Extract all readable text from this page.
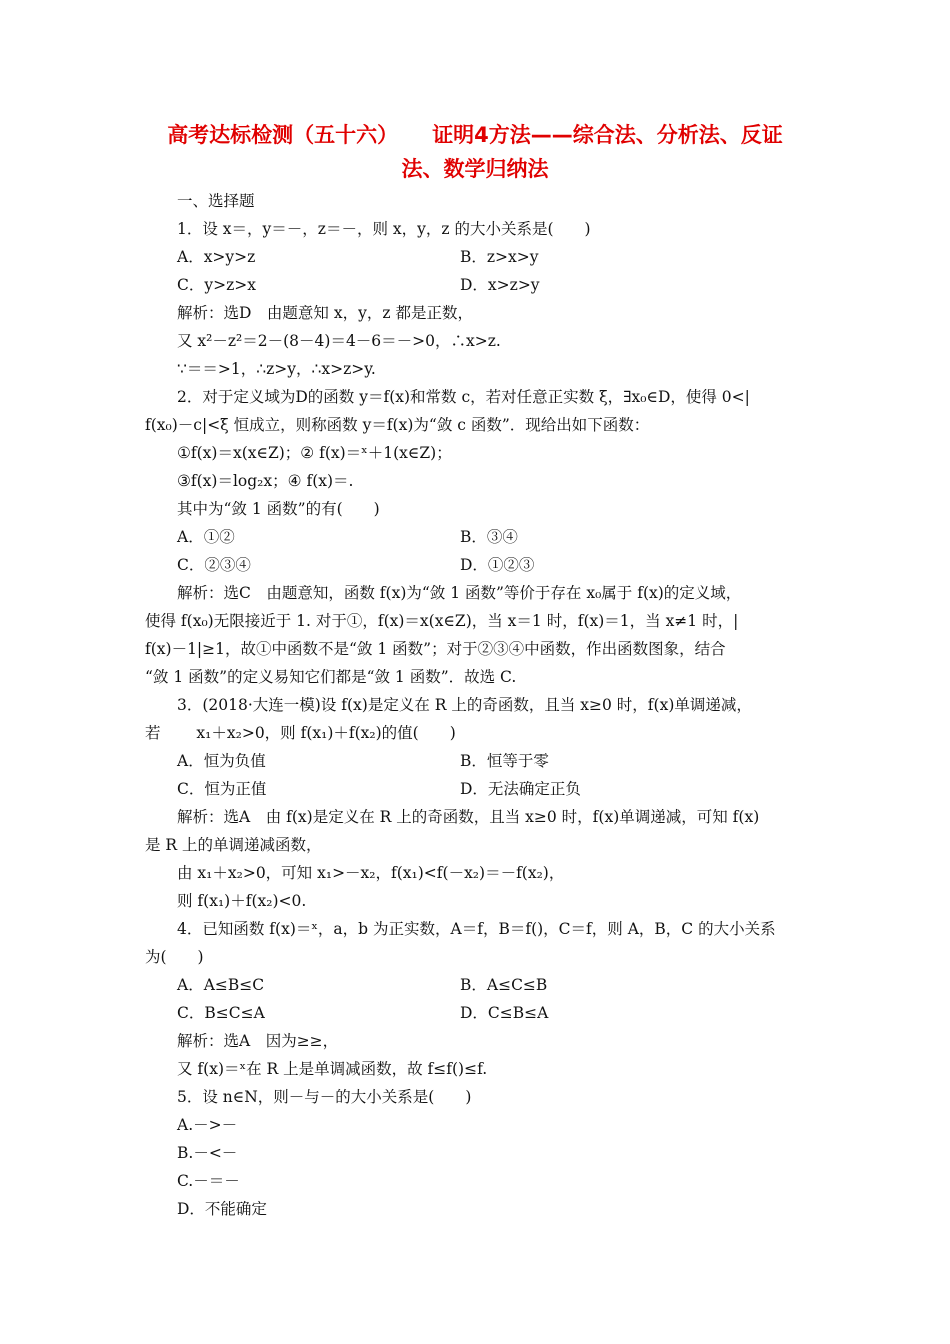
高考达标检测（五十六） 证明4方法——综合法、分析法、反证
法、数学归纳法
一、选择题
1．设 x＝，y＝－，z＝－，则 x，y，z 的大小关系是(　　)
A．x>y>z	B．z>x>y
C．y>z>x	D．x>z>y
解析：选D　由题意知 x，y，z 都是正数，
又 x²－z²＝2－(8－4)＝4－6＝－>0，∴x>z.
∵＝＝>1，∴z>y，∴x>z>y.
2．对于定义域为D的函数 y＝f(x)和常数 c，若对任意正实数 ξ，∃x₀∈D，使得 0<|
f(x₀)－c|<ξ 恒成立，则称函数 y＝f(x)为“敛 c 函数”．现给出如下函数：
①f(x)＝x(x∈Z)；② f(x)＝ˣ＋1(x∈Z)；
③f(x)＝log₂x；④ f(x)＝.
其中为“敛 1 函数”的有(　　)
A．①②	B．③④
C．②③④	D．①②③
解析：选C　由题意知，函数 f(x)为“敛 1 函数”等价于存在 x₀属于 f(x)的定义域，
使得 f(x₀)无限接近于 1. 对于①，f(x)＝x(x∈Z)，当 x＝1 时，f(x)＝1，当 x≠1 时，|
f(x)－1|≥1，故①中函数不是“敛 1 函数”；对于②③④中函数，作出函数图象，结合
“敛 1 函数”的定义易知它们都是“敛 1 函数”．故选 C.
3．(2018·大连一模)设 f(x)是定义在 R 上的奇函数，且当 x≥0 时，f(x)单调递减，
若　　 x₁＋x₂>0，则 f(x₁)＋f(x₂)的值(　　)
A．恒为负值	B．恒等于零
C．恒为正值	D．无法确定正负
解析：选A　由 f(x)是定义在 R 上的奇函数，且当 x≥0 时，f(x)单调递减，可知 f(x)
是 R 上的单调递减函数，
由 x₁＋x₂>0，可知 x₁>－x₂，f(x₁)<f(－x₂)＝－f(x₂)，
则 f(x₁)＋f(x₂)<0.
4．已知函数 f(x)＝ˣ，a，b 为正实数，A＝f，B＝f()，C＝f，则 A，B，C 的大小关系
为(　　)
A．A≤B≤C	B．A≤C≤B
C．B≤C≤A	D．C≤B≤A
解析：选A　因为≥≥，
又 f(x)＝ˣ在 R 上是单调减函数，故 f≤f()≤f.
5．设 n∈N，则－与－的大小关系是(　　)
A.－>－
B.－<－
C.－＝－
D．不能确定
